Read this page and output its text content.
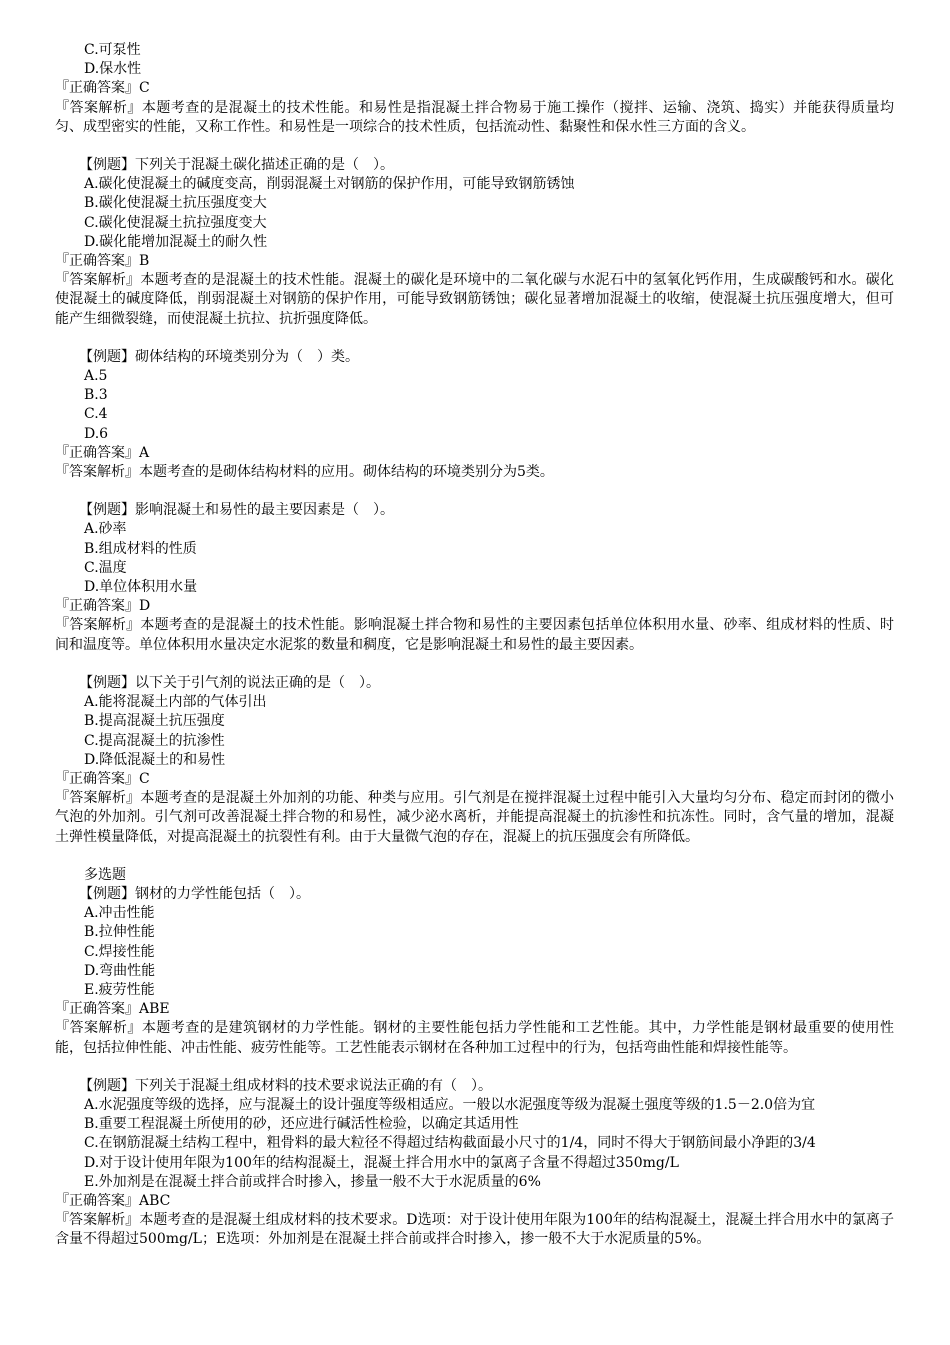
C.可泵性
D.保水性
『正确答案』C
『答案解析』本题考查的是混凝土的技术性能。和易性是指混凝土拌合物易于施工操作（搅拌、运输、浇筑、捣实）并能获得质量均匀、成型密实的性能，又称工作性。和易性是一项综合的技术性质，包括流动性、黏聚性和保水性三方面的含义。
【例题】下列关于混凝土碳化描述正确的是（　）。
A.碳化使混凝土的碱度变高，削弱混凝土对钢筋的保护作用，可能导致钢筋锈蚀
B.碳化使混凝土抗压强度变大
C.碳化使混凝土抗拉强度变大
D.碳化能增加混凝土的耐久性
『正确答案』B
『答案解析』本题考查的是混凝土的技术性能。混凝土的碳化是环境中的二氧化碳与水泥石中的氢氧化钙作用，生成碳酸钙和水。碳化使混凝土的碱度降低，削弱混凝土对钢筋的保护作用，可能导致钢筋锈蚀；碳化显著增加混凝土的收缩，使混凝土抗压强度增大，但可能产生细微裂缝，而使混凝土抗拉、抗折强度降低。
【例题】砌体结构的环境类别分为（　）类。
A.5
B.3
C.4
D.6
『正确答案』A
『答案解析』本题考查的是砌体结构材料的应用。砌体结构的环境类别分为5类。
【例题】影响混凝土和易性的最主要因素是（　）。
A.砂率
B.组成材料的性质
C.温度
D.单位体积用水量
『正确答案』D
『答案解析』本题考查的是混凝土的技术性能。影响混凝土拌合物和易性的主要因素包括单位体积用水量、砂率、组成材料的性质、时间和温度等。单位体积用水量决定水泥浆的数量和稠度，它是影响混凝土和易性的最主要因素。
【例题】以下关于引气剂的说法正确的是（　）。
A.能将混凝土内部的气体引出
B.提高混凝土抗压强度
C.提高混凝土的抗渗性
D.降低混凝土的和易性
『正确答案』C
『答案解析』本题考查的是混凝土外加剂的功能、种类与应用。引气剂是在搅拌混凝土过程中能引入大量均匀分布、稳定而封闭的微小气泡的外加剂。引气剂可改善混凝土拌合物的和易性，减少泌水离析，并能提高混凝土的抗渗性和抗冻性。同时，含气量的增加，混凝土弹性模量降低，对提高混凝土的抗裂性有利。由于大量微气泡的存在，混凝上的抗压强度会有所降低。
多选题
【例题】钢材的力学性能包括（　）。
A.冲击性能
B.拉伸性能
C.焊接性能
D.弯曲性能
E.疲劳性能
『正确答案』ABE
『答案解析』本题考查的是建筑钢材的力学性能。钢材的主要性能包括力学性能和工艺性能。其中，力学性能是钢材最重要的使用性能，包括拉伸性能、冲击性能、疲劳性能等。工艺性能表示钢材在各种加工过程中的行为，包括弯曲性能和焊接性能等。
【例题】下列关于混凝土组成材料的技术要求说法正确的有（　）。
A.水泥强度等级的选择，应与混凝土的设计强度等级相适应。一般以水泥强度等级为混凝土强度等级的1.5－2.0倍为宜
B.重要工程混凝土所使用的砂，还应进行碱活性检验，以确定其适用性
C.在钢筋混凝土结构工程中，粗骨料的最大粒径不得超过结构截面最小尺寸的1/4，同时不得大于钢筋间最小净距的3/4
D.对于设计使用年限为100年的结构混凝土，混凝土拌合用水中的氯离子含量不得超过350mg/L
E.外加剂是在混凝土拌合前或拌合时掺入，掺量一般不大于水泥质量的6%
『正确答案』ABC
『答案解析』本题考查的是混凝土组成材料的技术要求。D选项：对于设计使用年限为100年的结构混凝土，混凝土拌合用水中的氯离子含量不得超过500mg/L；E选项：外加剂是在混凝土拌合前或拌合时掺入，掺一般不大于水泥质量的5%。
